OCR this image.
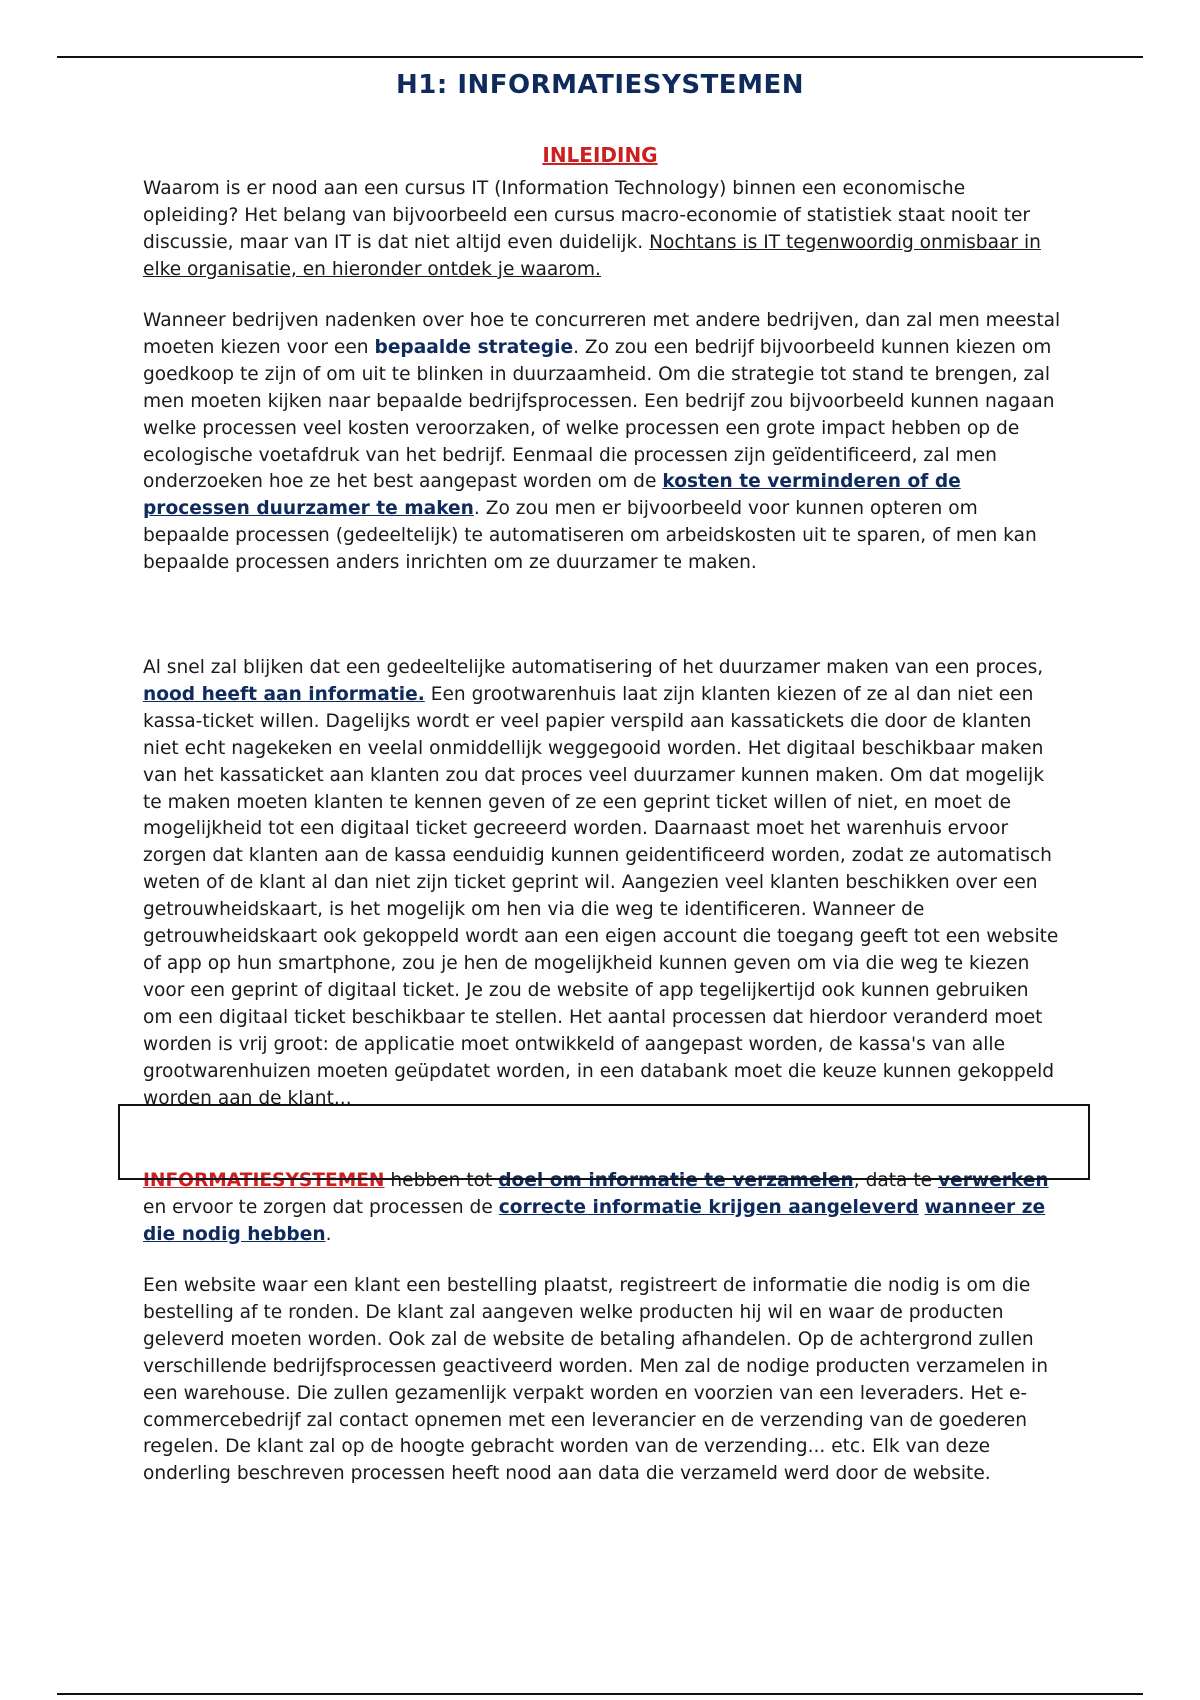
H1: INFORMATIESYSTEMEN
INLEIDING

Waarom is er nood aan een cursus IT (Information Technology) binnen een economische opleiding? Het belang van bijvoorbeeld een cursus macro-economie of statistiek staat nooit ter discussie, maar van IT is dat niet altijd even duidelijk. Nochtans is IT tegenwoordig onmisbaar in elke organisatie, en hieronder ontdek je waarom.

Wanneer bedrijven nadenken over hoe te concurreren met andere bedrijven, dan zal men meestal moeten kiezen voor een bepaalde strategie. Zo zou een bedrijf bijvoorbeeld kunnen kiezen om goedkoop te zijn of om uit te blinken in duurzaamheid. Om die strategie tot stand te brengen, zal men moeten kijken naar bepaalde bedrijfsprocessen. Een bedrijf zou bijvoorbeeld kunnen nagaan welke processen veel kosten veroorzaken, of welke processen een grote impact hebben op de ecologische voetafdruk van het bedrijf. Eenmaal die processen zijn geïdentificeerd, zal men onderzoeken hoe ze het best aangepast worden om de kosten te verminderen of de processen duurzamer te maken. Zo zou men er bijvoorbeeld voor kunnen opteren om bepaalde processen (gedeeltelijk) te automatiseren om arbeidskosten uit te sparen, of men kan bepaalde processen anders inrichten om ze duurzamer te maken.

Al snel zal blijken dat een gedeeltelijke automatisering of het duurzamer maken van een proces, nood heeft aan informatie. Een grootwarenhuis laat zijn klanten kiezen of ze al dan niet een kassa-ticket willen. Dagelijks wordt er veel papier verspild aan kassatickets die door de klanten niet echt nagekeken en veelal onmiddellijk weggegooid worden. Het digitaal beschikbaar maken van het kassaticket aan klanten zou dat proces veel duurzamer kunnen maken. Om dat mogelijk te maken moeten klanten te kennen geven of ze een geprint ticket willen of niet, en moet de mogelijkheid tot een digitaal ticket gecreeerd worden. Daarnaast moet het warenhuis ervoor zorgen dat klanten aan de kassa eenduidig kunnen geidentificeerd worden, zodat ze automatisch weten of de klant al dan niet zijn ticket geprint wil. Aangezien veel klanten beschikken over een getrouwheidskaart, is het mogelijk om hen via die weg te identificeren. Wanneer de getrouwheidskaart ook gekoppeld wordt aan een eigen account die toegang geeft tot een website of app op hun smartphone, zou je hen de mogelijkheid kunnen geven om via die weg te kiezen voor een geprint of digitaal ticket. Je zou de website of app tegelijkertijd ook kunnen gebruiken om een digitaal ticket beschikbaar te stellen. Het aantal processen dat hierdoor veranderd moet worden is vrij groot: de applicatie moet ontwikkeld of aangepast worden, de kassa's van alle grootwarenhuizen moeten geüpdatet worden, in een databank moet die keuze kunnen gekoppeld worden aan de klant...

INFORMATIESYSTEMEN hebben tot doel om informatie te verzamelen, data te verwerken en ervoor te zorgen dat processen de correcte informatie krijgen aangeleverd wanneer ze die nodig hebben.

Een website waar een klant een bestelling plaatst, registreert de informatie die nodig is om die bestelling af te ronden. De klant zal aangeven welke producten hij wil en waar de producten geleverd moeten worden. Ook zal de website de betaling afhandelen. Op de achtergrond zullen verschillende bedrijfsprocessen geactiveerd worden. Men zal de nodige producten verzamelen in een warehouse. Die zullen gezamenlijk verpakt worden en voorzien van een leveraders. Het e-commercebedrijf zal contact opnemen met een leverancier en de verzending van de goederen regelen. De klant zal op de hoogte gebracht worden van de verzending... etc. Elk van deze onderling beschreven processen heeft nood aan data die verzameld werd door de website.
